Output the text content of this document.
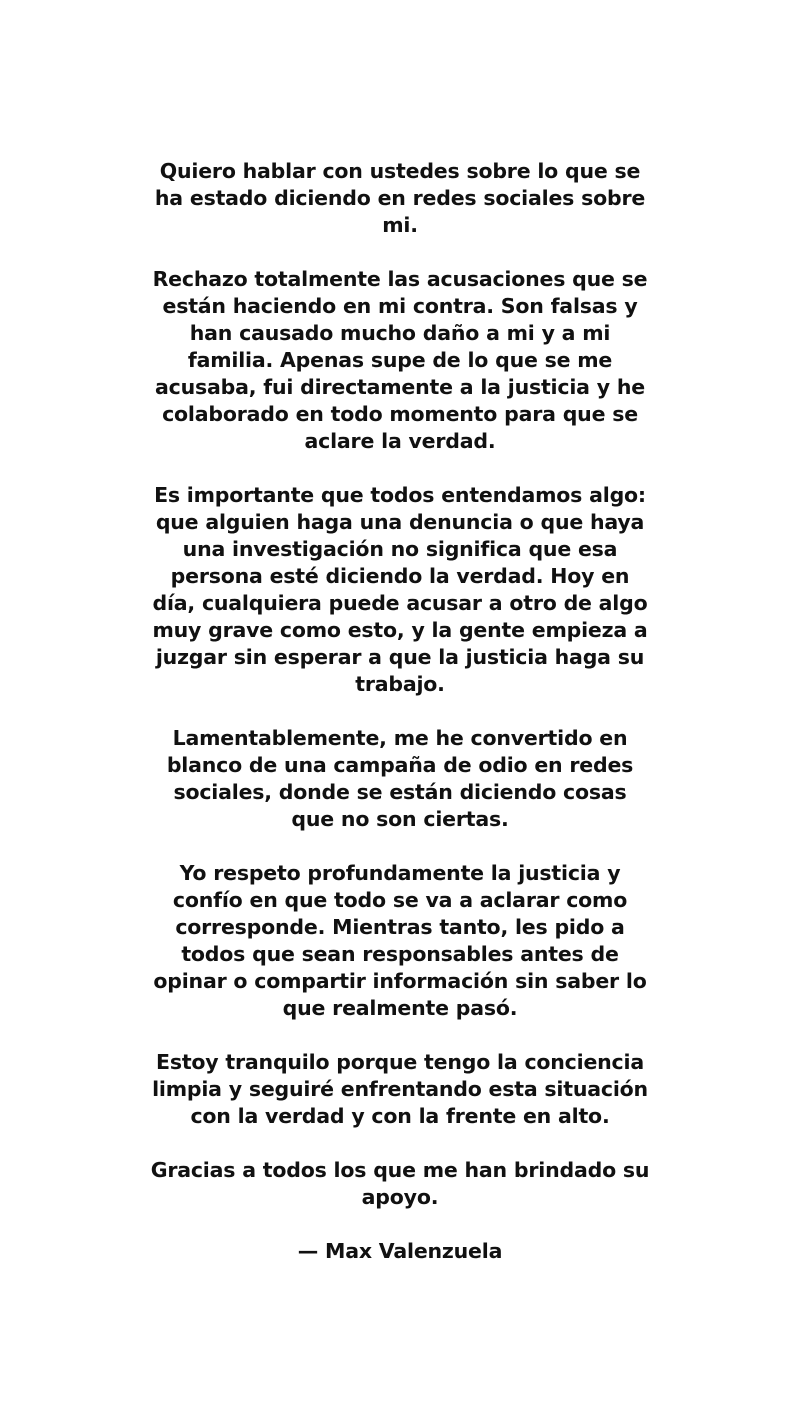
Quiero hablar con ustedes sobre lo que se ha estado diciendo en redes sociales sobre mi.

Rechazo totalmente las acusaciones que se están haciendo en mi contra. Son falsas y han causado mucho daño a mi y a mi familia. Apenas supe de lo que se me acusaba, fui directamente a la justicia y he colaborado en todo momento para que se aclare la verdad.

Es importante que todos entendamos algo: que alguien haga una denuncia o que haya una investigación no significa que esa persona esté diciendo la verdad. Hoy en día, cualquiera puede acusar a otro de algo muy grave como esto, y la gente empieza a juzgar sin esperar a que la justicia haga su trabajo.

Lamentablemente, me he convertido en blanco de una campaña de odio en redes sociales, donde se están diciendo cosas que no son ciertas.

Yo respeto profundamente la justicia y confío en que todo se va a aclarar como corresponde. Mientras tanto, les pido a todos que sean responsables antes de opinar o compartir información sin saber lo que realmente pasó.

Estoy tranquilo porque tengo la conciencia limpia y seguiré enfrentando esta situación con la verdad y con la frente en alto.

Gracias a todos los que me han brindado su apoyo.

— Max Valenzuela
